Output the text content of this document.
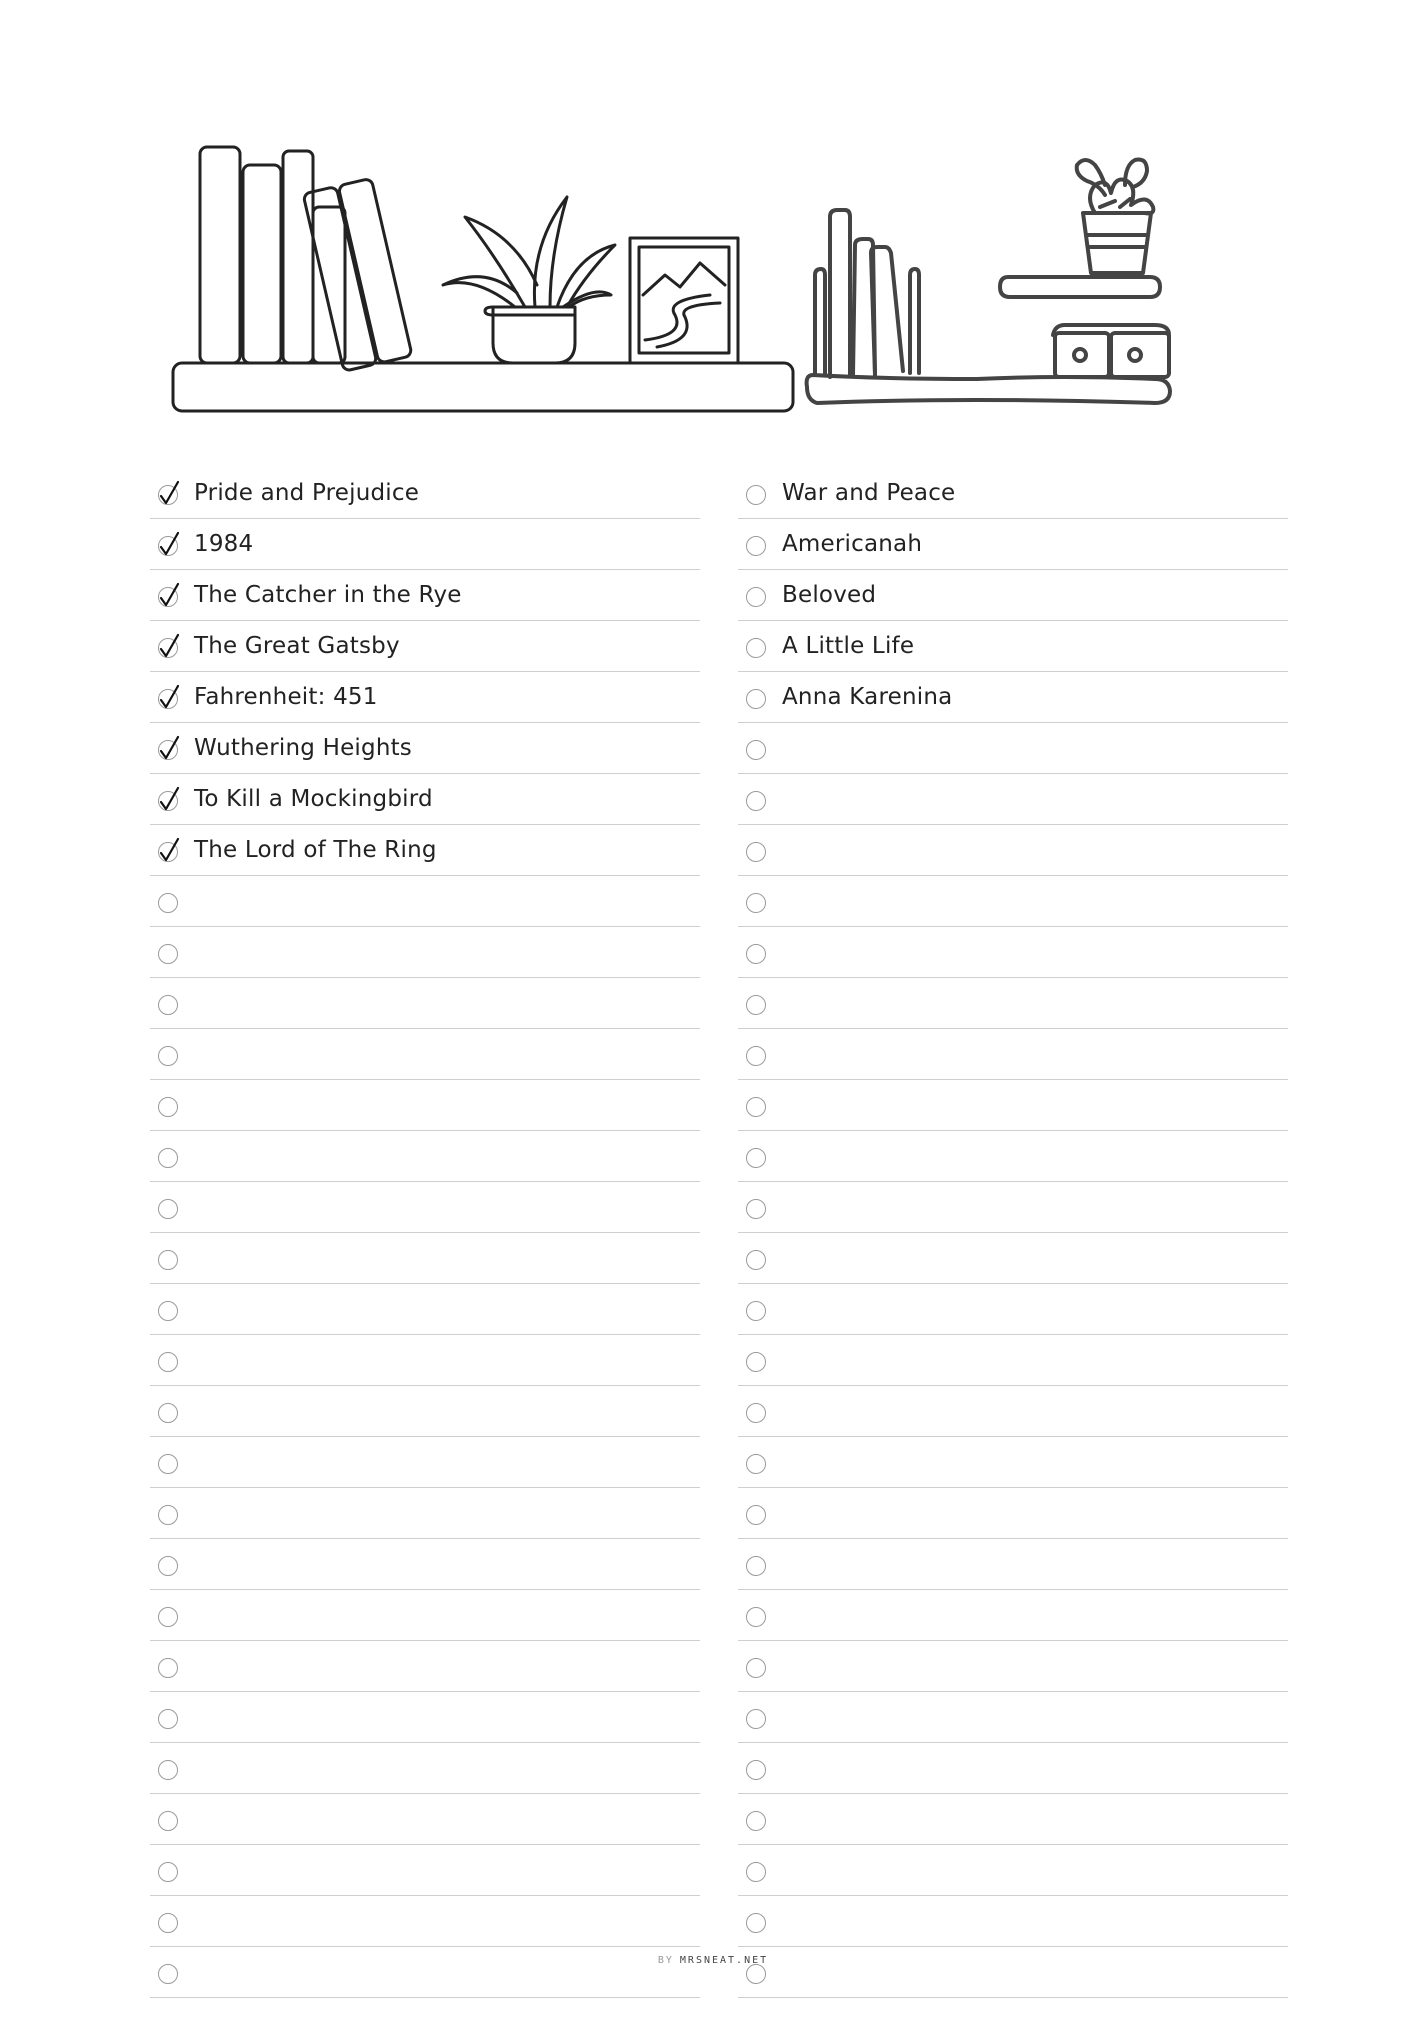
Pride and Prejudice
1984
The Catcher in the Rye
The Great Gatsby
Fahrenheit: 451
Wuthering Heights
To Kill a Mockingbird
The Lord of The Ring
War and Peace
Americanah
Beloved
A Little Life
Anna Karenina
BY MRSNEAT.NET
